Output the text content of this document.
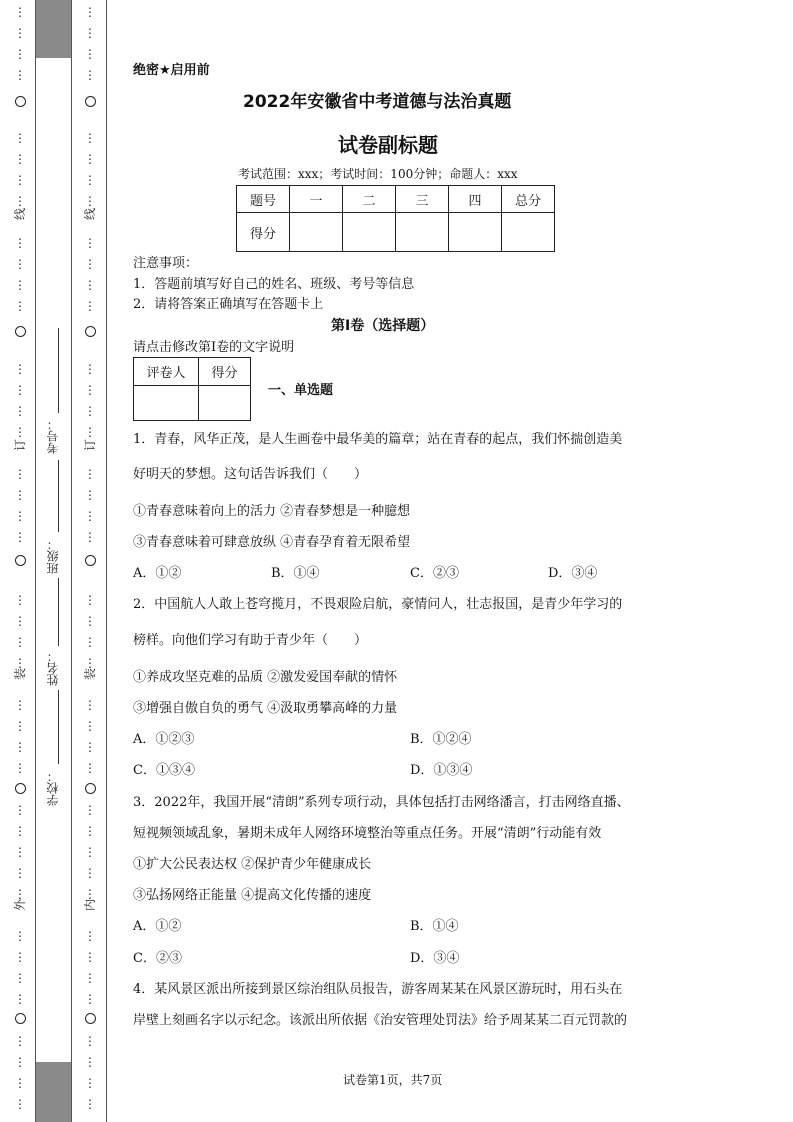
⋮
⋮
⋮
⋮
⋮
⋮
⋮
⋮
⋮
⋮
⋮
⋮
⋮
⋮
⋮
⋮
⋮
⋮
⋮
⋮
⋮
⋮
⋮
⋮
⋮
⋮
⋮
⋮
⋮
⋮
⋮
⋮
⋮
⋮
⋮
⋮
⋮
⋮
⋮
⋮
⋮
线
订
装
外
考号：
班级：
姓名：
学校：
⋮
⋮
⋮
⋮
⋮
⋮
⋮
⋮
⋮
⋮
⋮
⋮
⋮
⋮
⋮
⋮
⋮
⋮
⋮
⋮
⋮
⋮
⋮
⋮
⋮
⋮
⋮
⋮
⋮
⋮
⋮
⋮
⋮
⋮
⋮
⋮
⋮
⋮
⋮
⋮
⋮
线
订
装
内
绝密★启用前
2022年安徽省中考道德与法治真题
试卷副标题
考试范围：xxx；考试时间：100分钟；命题人：xxx
题号	一	二	三	四	总分
得分					
注意事项：
1．答题前填写好自己的姓名、班级、考号等信息
2．请将答案正确填写在答题卡上
第I卷（选择题）
请点击修改第I卷的文字说明
评卷人	得分

一、单选题
1．青春，风华正茂，是人生画卷中最华美的篇章；站在青春的起点，我们怀揣创造美
好明天的梦想。这句话告诉我们（　　）
①青春意味着向上的活力 ②青春梦想是一种臆想
③青春意味着可肆意放纵 ④青春孕育着无限希望
A．①②	B．①④	C．②③	D．③④
2．中国航人人敢上苍穹揽月，不畏艰险启航，豪情问人，壮志报国，是青少年学习的
榜样。向他们学习有助于青少年（　　）
①养成攻坚克难的品质 ②激发爱国奉献的情怀
③增强自傲自负的勇气 ④汲取勇攀高峰的力量
A．①②③	B．①②④
C．①③④	D．①③④
3．2022年，我国开展“清朗”系列专项行动，具体包括打击网络潘言，打击网络直播、
短视频领域乱象，暑期未成年人网络环境整治等重点任务。开展“清朗”行动能有效
①扩大公民表达权 ②保护青少年健康成长
③弘扬网络正能量 ④提高文化传播的速度
A．①②	B．①④
C．②③	D．③④
4．某风景区派出所接到景区综治组队员报告，游客周某某在风景区游玩时，用石头在
岸壁上刻画名字以示纪念。该派出所依据《治安管理处罚法》给予周某某二百元罚款的
试卷第1页，共7页
